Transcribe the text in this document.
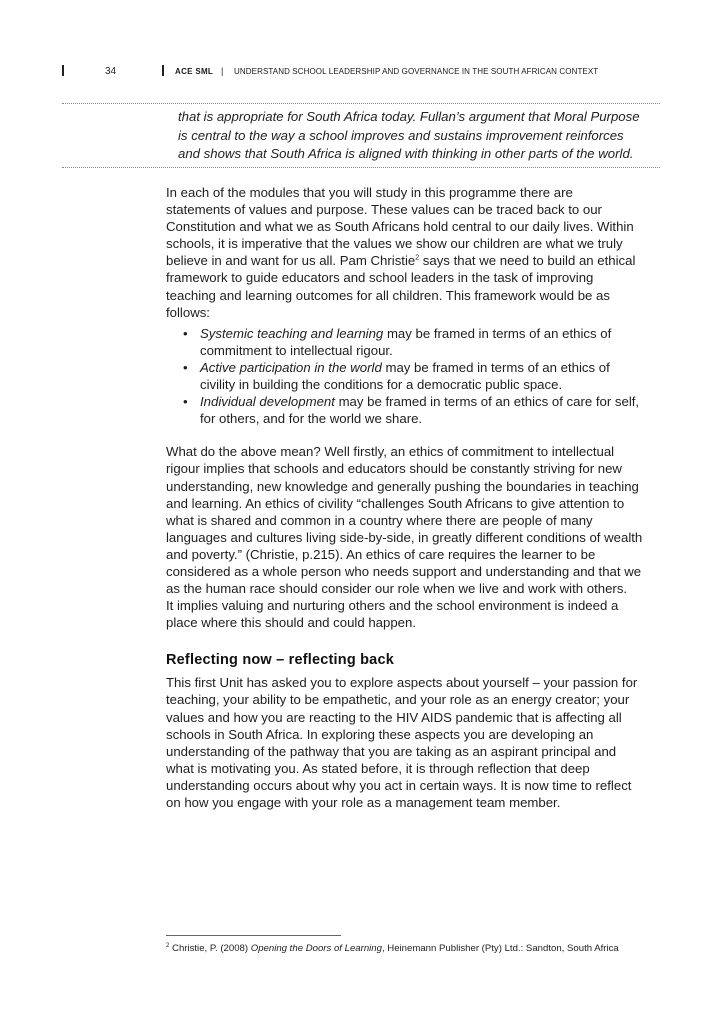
34	ACE SML | UNDERSTAND SCHOOL LEADERSHIP AND GOVERNANCE IN THE SOUTH AFRICAN CONTEXT

that is appropriate for South Africa today. Fullan’s argument that Moral Purpose

is central to the way a school improves and sustains improvement reinforces

and shows that South Africa is aligned with thinking in other parts of the world.

In each of the modules that you will study in this programme there are

statements of values and purpose. These values can be traced back to our

Constitution and what we as South Africans hold central to our daily lives. Within

schools, it is imperative that the values we show our children are what we truly

believe in and want for us all. Pam Christie$^2$ says that we need to build an ethical

framework to guide educators and school leaders in the task of improving

teaching and learning outcomes for all children. This framework would be as

follows:

• Systemic teaching and learning may be framed in terms of an ethics of
commitment to intellectual rigour.
• Active participation in the world may be framed in terms of an ethics of
civility in building the conditions for a democratic public space.
• Individual development may be framed in terms of an ethics of care for self,
for others, and for the world we share.

What do the above mean? Well firstly, an ethics of commitment to intellectual

rigour implies that schools and educators should be constantly striving for new

understanding, new knowledge and generally pushing the boundaries in teaching

and learning. An ethics of civility “challenges South Africans to give attention to

what is shared and common in a country where there are people of many

languages and cultures living side-by-side, in greatly different conditions of wealth

and poverty.” (Christie, p.215). An ethics of care requires the learner to be

considered as a whole person who needs support and understanding and that we

as the human race should consider our role when we live and work with others.

It implies valuing and nurturing others and the school environment is indeed a

place where this should and could happen.

Reflecting now – reflecting back

This first Unit has asked you to explore aspects about yourself – your passion for

teaching, your ability to be empathetic, and your role as an energy creator; your

values and how you are reacting to the HIV AIDS pandemic that is affecting all

schools in South Africa. In exploring these aspects you are developing an

understanding of the pathway that you are taking as an aspirant principal and

what is motivating you. As stated before, it is through reflection that deep

understanding occurs about why you act in certain ways. It is now time to reflect

on how you engage with your role as a management team member.

$^2$ Christie, P. (2008) Opening the Doors of Learning, Heinemann Publisher (Pty) Ltd.: Sandton, South Africa
